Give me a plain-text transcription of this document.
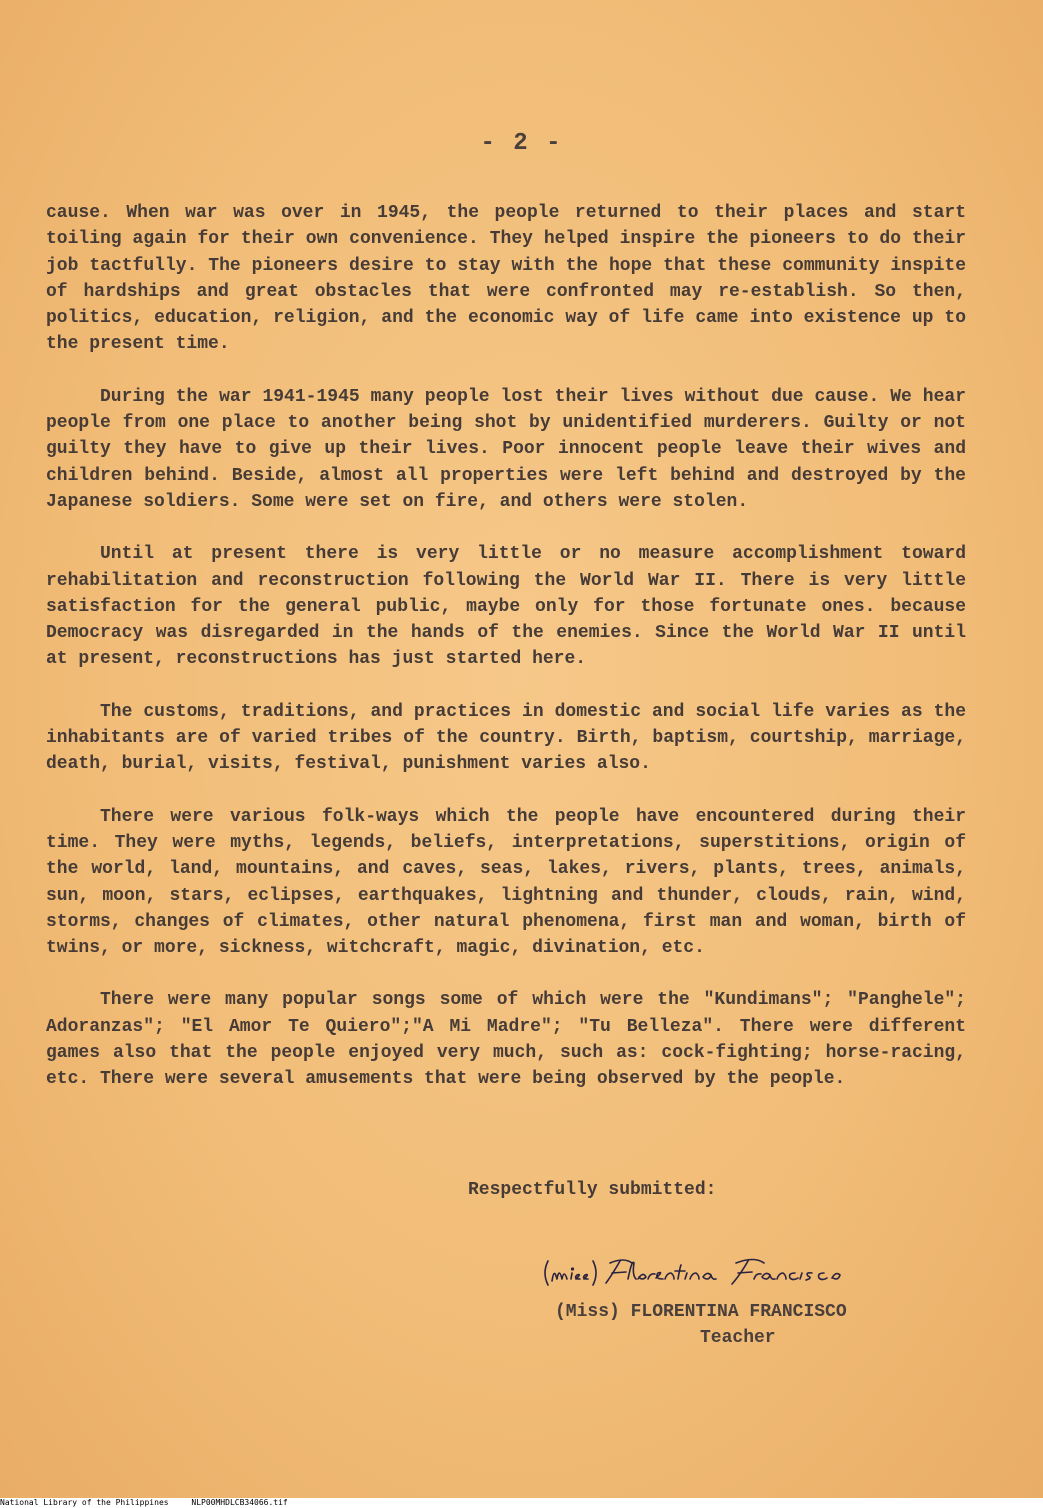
- 2 -

cause. When war was over in 1945, the people returned to their places and start toiling again for their own convenience. They helped inspire the pioneers to do their job tactfully. The pioneers desire to stay with the hope that these community inspite of hardships and great obstacles that were confronted may re-establish. So then, politics, education, religion, and the economic way of life came into existence up to the present time.

During the war 1941-1945 many people lost their lives without due cause. We hear people from one place to another being shot by unidentified murderers. Guilty or not guilty they have to give up their lives. Poor innocent people leave their wives and children behind. Beside, almost all properties were left behind and destroyed by the Japanese soldiers. Some were set on fire, and others were stolen.

Until at present there is very little or no measure accomplishment toward rehabilitation and reconstruction following the World War II. There is very little satisfaction for the general public, maybe only for those fortunate ones. because Democracy was disregarded in the hands of the enemies. Since the World War II until at present, reconstructions has just started here.

The customs, traditions, and practices in domestic and social life varies as the inhabitants are of varied tribes of the country. Birth, baptism, courtship, marriage, death, burial, visits, festival, punishment varies also.

There were various folk-ways which the people have encountered during their time. They were myths, legends, beliefs, interpretations, superstitions, origin of the world, land, mountains, and caves, seas, lakes, rivers, plants, trees, animals, sun, moon, stars, eclipses, earthquakes, lightning and thunder, clouds, rain, wind, storms, changes of climates, other natural phenomena, first man and woman, birth of twins, or more, sickness, witchcraft, magic, divination, etc.

There were many popular songs some of which were the "Kundimans"; "Panghele"; Adoranzas"; "El Amor Te Quiero";"A Mi Madre"; "Tu Belleza". There were different games also that the people enjoyed very much, such as: cock-fighting; horse-racing, etc. There were several amusements that were being observed by the people.

Respectfully submitted:
(Miss) FLORENTINA FRANCISCO
Teacher
National Library of the Philippines	NLP00MHDLCB34066.tif
